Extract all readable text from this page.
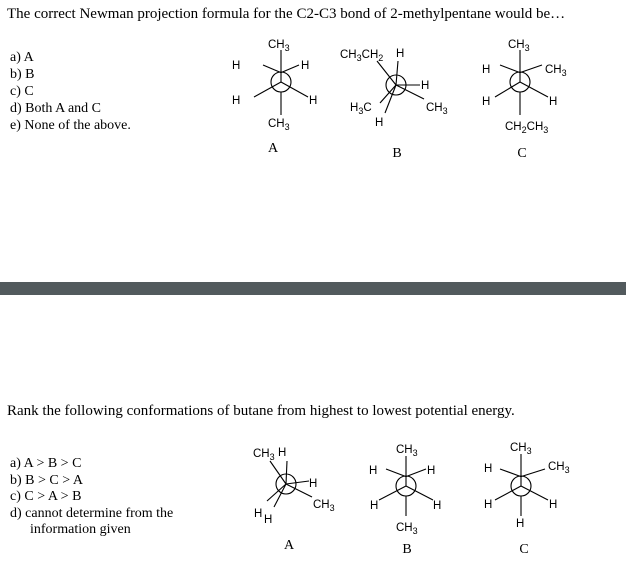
The correct Newman projection formula for the C2-C3 bond of 2-methylpentane would be…

a) A
b) B
c) C
d) Both A and C
e) None of the above.
$CH_3$
H	H
H	H
$CH_3$
$CH_3CH_2$ H
H
$H_3C$	$CH_3$
H
$CH_3$
H	$CH_3$
H	H
$CH_2CH_3$
A	B	C

Rank the following conformations of butane from highest to lowest potential energy.

a) A > B > C
b) B > C > A
c) C > A > B
d) cannot determine from the
information given
$CH_3$ H
H
H H
$CH_3$
$CH_3$
H	H
H	H
$CH_3$
$CH_3$
H	$CH_3$
H	H
H
A	B	C
